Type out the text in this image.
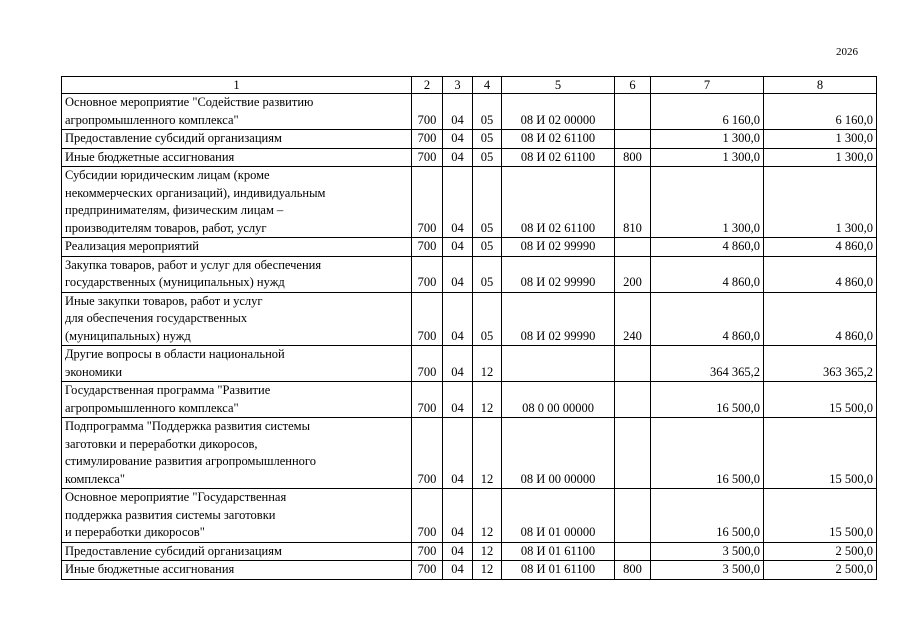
2026
1	2	3	4	5	6	7	8

Основное мероприятие "Содействие развитию
агропромышленного комплекса"	700	04	05	08 И 02 00000		6 160,0	6 160,0

Предоставление субсидий организациям	700	04	05	08 И 02 61100		1 300,0	1 300,0

Иные бюджетные ассигнования	700	04	05	08 И 02 61100	800	1 300,0	1 300,0

Субсидии юридическим лицам (кроме
некоммерческих организаций), индивидуальным
предпринимателям, физическим лицам –
производителям товаров, работ, услуг	700	04	05	08 И 02 61100	810	1 300,0	1 300,0

Реализация мероприятий	700	04	05	08 И 02 99990		4 860,0	4 860,0

Закупка товаров, работ и услуг для обеспечения
государственных (муниципальных) нужд	700	04	05	08 И 02 99990	200	4 860,0	4 860,0

Иные закупки товаров, работ и услуг
для обеспечения государственных
(муниципальных) нужд	700	04	05	08 И 02 99990	240	4 860,0	4 860,0

Другие вопросы в области национальной
экономики	700	04	12			364 365,2	363 365,2

Государственная программа "Развитие
агропромышленного комплекса"	700	04	12	08 0 00 00000		16 500,0	15 500,0

Подпрограмма "Поддержка развития системы
заготовки и переработки дикоросов,
стимулирование развития агропромышленного
комплекса"	700	04	12	08 И 00 00000		16 500,0	15 500,0

Основное мероприятие "Государственная
поддержка развития системы заготовки
и переработки дикоросов"	700	04	12	08 И 01 00000		16 500,0	15 500,0

Предоставление субсидий организациям	700	04	12	08 И 01 61100		3 500,0	2 500,0

Иные бюджетные ассигнования	700	04	12	08 И 01 61100	800	3 500,0	2 500,0
